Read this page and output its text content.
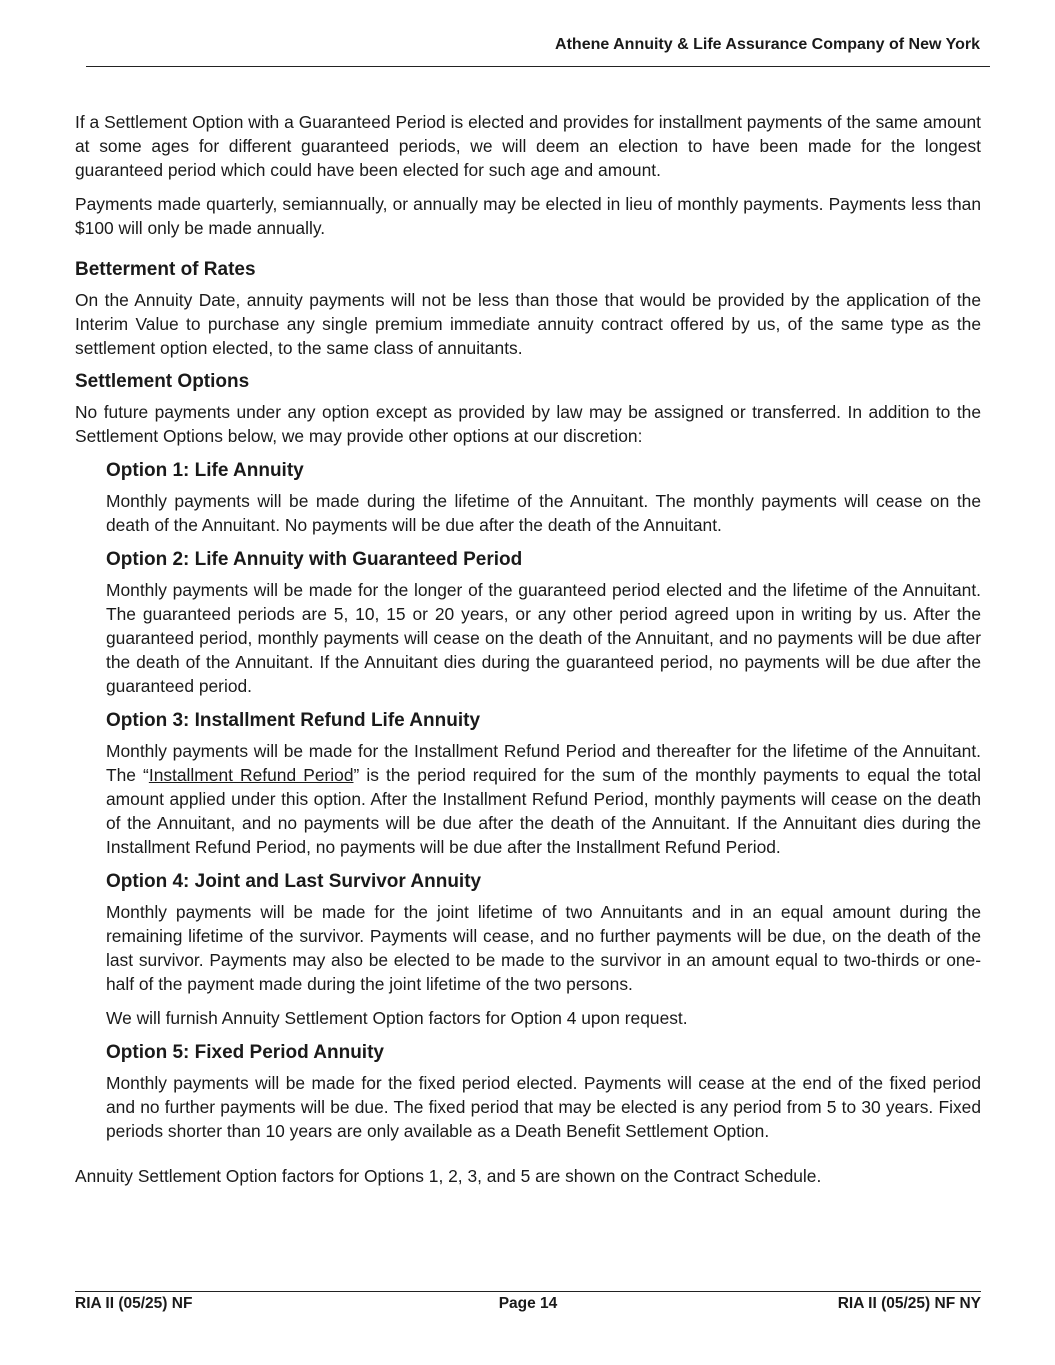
Athene Annuity & Life Assurance Company of New York

If a Settlement Option with a Guaranteed Period is elected and provides for installment payments of the same amount at some ages for different guaranteed periods, we will deem an election to have been made for the longest guaranteed period which could have been elected for such age and amount.

Payments made quarterly, semiannually, or annually may be elected in lieu of monthly payments. Payments less than $100 will only be made annually.

Betterment of Rates

On the Annuity Date, annuity payments will not be less than those that would be provided by the application of the Interim Value to purchase any single premium immediate annuity contract offered by us, of the same type as the settlement option elected, to the same class of annuitants.

Settlement Options

No future payments under any option except as provided by law may be assigned or transferred. In addition to the Settlement Options below, we may provide other options at our discretion:

Option 1: Life Annuity

Monthly payments will be made during the lifetime of the Annuitant. The monthly payments will cease on the death of the Annuitant. No payments will be due after the death of the Annuitant.

Option 2: Life Annuity with Guaranteed Period

Monthly payments will be made for the longer of the guaranteed period elected and the lifetime of the Annuitant. The guaranteed periods are 5, 10, 15 or 20 years, or any other period agreed upon in writing by us. After the guaranteed period, monthly payments will cease on the death of the Annuitant, and no payments will be due after the death of the Annuitant. If the Annuitant dies during the guaranteed period, no payments will be due after the guaranteed period.

Option 3: Installment Refund Life Annuity

Monthly payments will be made for the Installment Refund Period and thereafter for the lifetime of the Annuitant. The “Installment Refund Period” is the period required for the sum of the monthly payments to equal the total amount applied under this option. After the Installment Refund Period, monthly payments will cease on the death of the Annuitant, and no payments will be due after the death of the Annuitant. If the Annuitant dies during the Installment Refund Period, no payments will be due after the Installment Refund Period.

Option 4: Joint and Last Survivor Annuity

Monthly payments will be made for the joint lifetime of two Annuitants and in an equal amount during the remaining lifetime of the survivor. Payments will cease, and no further payments will be due, on the death of the last survivor. Payments may also be elected to be made to the survivor in an amount equal to two-thirds or one-half of the payment made during the joint lifetime of the two persons.

We will furnish Annuity Settlement Option factors for Option 4 upon request.

Option 5: Fixed Period Annuity

Monthly payments will be made for the fixed period elected. Payments will cease at the end of the fixed period and no further payments will be due. The fixed period that may be elected is any period from 5 to 30 years. Fixed periods shorter than 10 years are only available as a Death Benefit Settlement Option.

Annuity Settlement Option factors for Options 1, 2, 3, and 5 are shown on the Contract Schedule.

RIA II (05/25) NF	Page 14	RIA II (05/25) NF NY
